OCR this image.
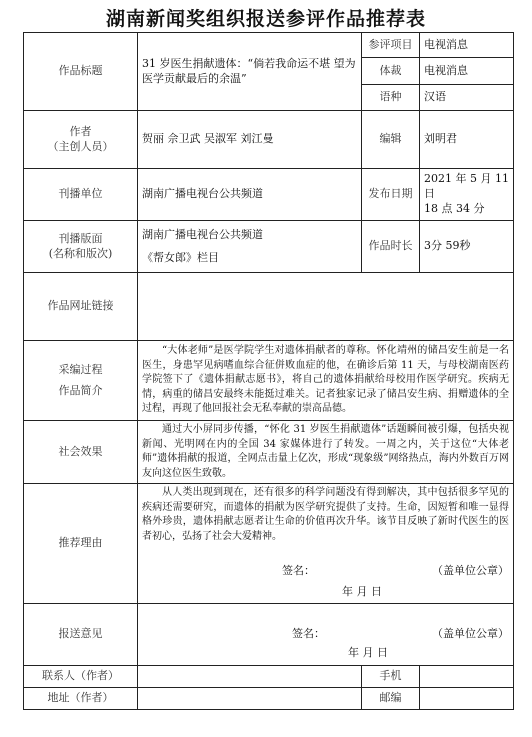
湖南新闻奖组织报送参评作品推荐表
作品标题	31 岁医生捐献遗体：“倘若我命运不堪 望为医学贡献最后的余温”	参评项目	电视消息
		体裁	电视消息
		语种	汉语

作者
（主创人员）	贺丽 佘卫武 吴淑军 刘江曼	编辑	刘明君
刊播单位	湖南广播电视台公共频道	发布日期	2021 年 5 月 11 日
18 点 34 分

刊播版面
(名称和版次)	湖南广播电视台公共频道
《帮女郎》栏目	作品时长	3分 59秒
作品网址链接			

采编过程
作品简介	“大体老师”是医学院学生对遗体捐献者的尊称。怀化靖州的储昌安生前是一名医生，身患罕见病嗜血综合征併败血症的他，在确诊后第 11 天，与母校湖南医药学院签下了《遗体捐献志愿书》，将自己的遗体捐献给母校用作医学研究。疾病无情，病重的储昌安最终未能挺过难关。记者独家记录了储昌安生病、捐赠遗体的全过程，再现了他回报社会无私奉献的崇高品德。		
社会效果	通过大小屏同步传播，“怀化 31 岁医生捐献遗体”话题瞬间被引爆，包括央视新闻、光明网在内的全国 34 家媒体进行了转发。一周之内，关于这位“大体老师”遗体捐献的报道，全网点击量上亿次，形成“现象级”网络热点，海内外数百万网友向这位医生致敬。		
推荐理由	从人类出现到现在，还有很多的科学问题没有得到解决，其中包括很多罕见的疾病还需要研究，而遗体的捐献为医学研究提供了支持。生命，因短暂和唯一显得格外珍贵，遗体捐献志愿者让生命的价值再次升华。该节目反映了新时代医生的医者初心，弘扬了社会大爱精神。
签名： （盖单位公章）
年 月 日		

报送意见	签名： （盖单位公章）
年 月 日		

联系人（作者）		手机	
地址（作者）		邮编	
